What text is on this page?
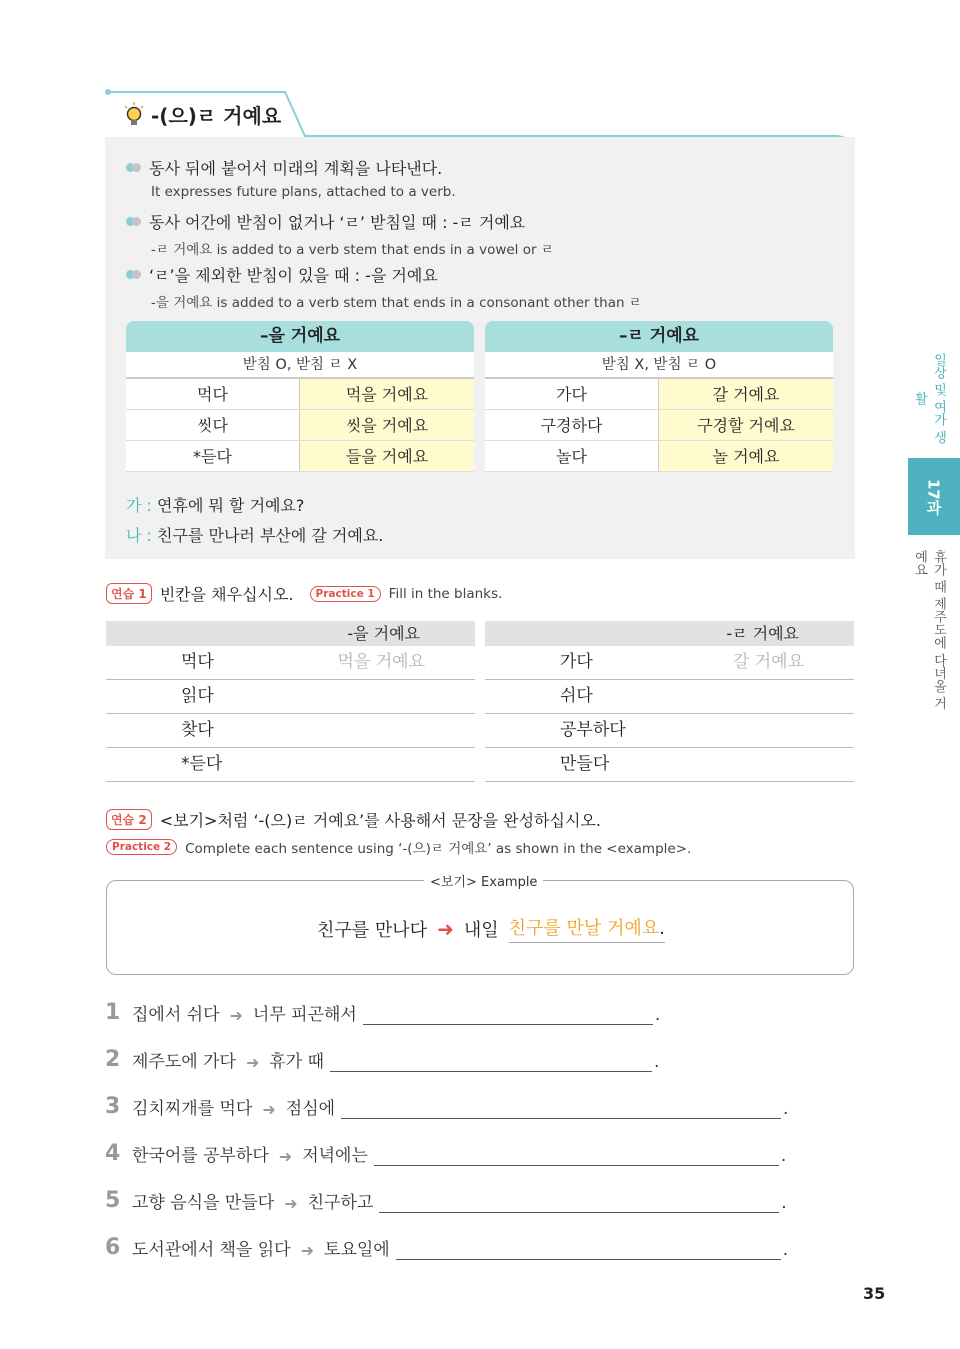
-(으)ㄹ 거예요
동사 뒤에 붙어서 미래의 계획을 나타낸다.
It expresses future plans, attached to a verb.
동사 어간에 받침이 없거나 ‘ㄹ’ 받침일 때 : -ㄹ 거예요
-ㄹ 거예요 is added to a verb stem that ends in a vowel or ㄹ
‘ㄹ’을 제외한 받침이 있을 때 : -을 거예요
-을 거예요 is added to a verb stem that ends in a consonant other than ㄹ
–을 거예요
받침 O, 받침 ㄹ X
먹다	먹을 거예요
씻다	씻을 거예요
*듣다	들을 거예요
–ㄹ 거예요
받침 X, 받침 ㄹ O
가다	갈 거예요
구경하다	구경할 거예요
놀다	놀 거예요
가 : 연휴에 뭐 할 거예요?
나 : 친구를 만나러 부산에 갈 거예요.
연습 1 빈칸을 채우십시오.	Practice 1	Fill in the blanks.
-을 거예요
먹다	먹을 거예요
읽다
찾다
*듣다
-ㄹ 거예요
가다	갈 거예요
쉬다
공부하다
만들다
연습 2 <보기>처럼 ‘-(으)ㄹ 거예요’를 사용해서 문장을 완성하십시오.
Practice 2	Complete each sentence using ‘-(으)ㄹ 거예요’ as shown in the <example>.
<보기> Example
친구를 만나다 ➜ 내일 친구를 만날 거예요.
1 집에서 쉬다 ➜ 너무 피곤해서	.
2 제주도에 가다 ➜ 휴가 때	.
3 김치찌개를 먹다 ➜ 점심에	.
4 한국어를 공부하다 ➜ 저녁에는	.
5 고향 음식을 만들다 ➜ 친구하고	.
6 도서관에서 책을 읽다 ➜ 토요일에	.
일상 및 여가 생활
17과
휴가 때 제주도에 다녀올 거예요
35
